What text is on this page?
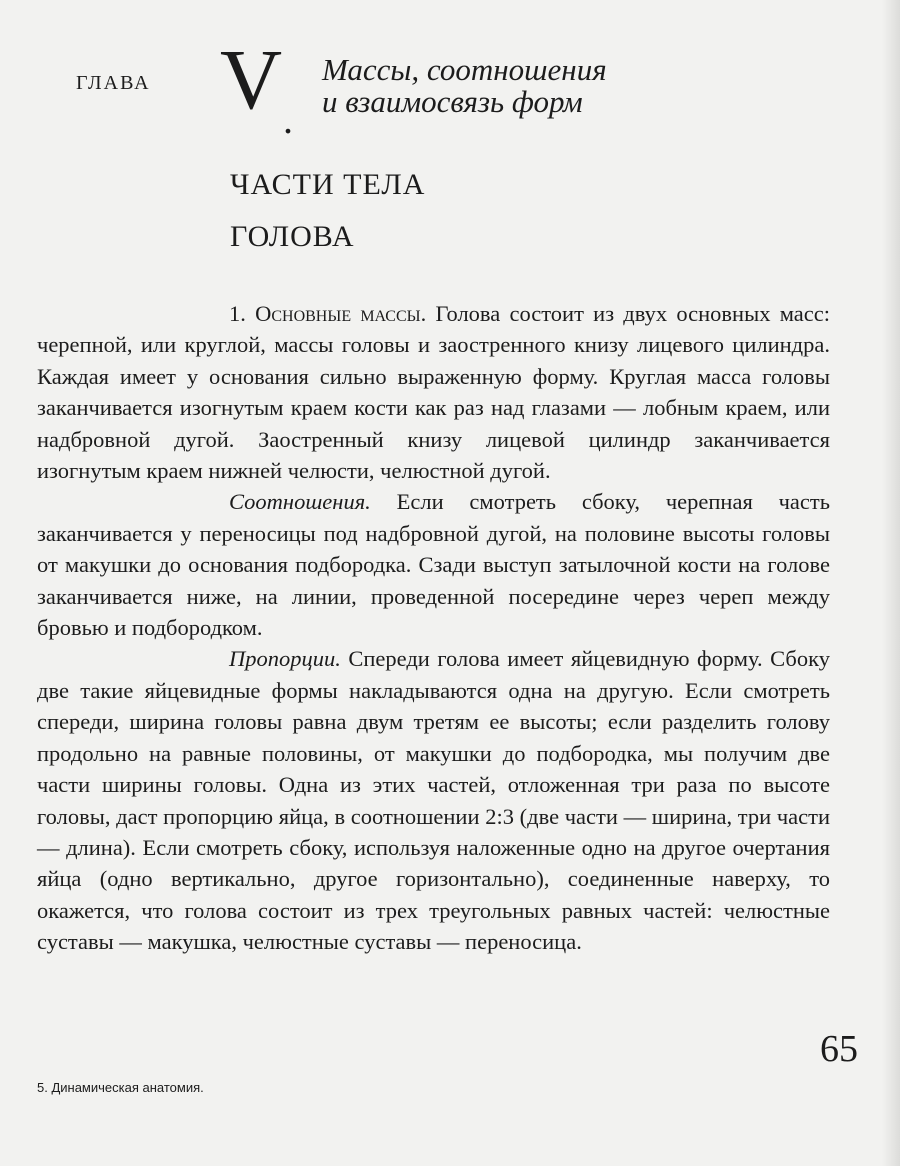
ГЛАВА V .
Массы, соотношения
и взаимосвязь форм
ЧАСТИ ТЕЛА
ГОЛОВА

1. Основные массы. Голова состоит из двух основных масс: черепной, или круглой, массы головы и заостренного книзу лицевого цилиндра. Каждая имеет у основания сильно выраженную форму. Круглая масса головы заканчивается изогнутым краем кости как раз над глазами — лобным краем, или надбровной дугой. Заостренный книзу лицевой цилиндр заканчивается изогнутым краем нижней челюсти, челюстной дугой.

Соотношения. Если смотреть сбоку, черепная часть заканчивается у переносицы под надбровной дугой, на половине высоты головы от макушки до основания подбородка. Сзади выступ затылочной кости на голове заканчивается ниже, на линии, проведенной посередине через череп между бровью и подбородком.

Пропорции. Спереди голова имеет яйцевидную форму. Сбоку две такие яйцевидные формы накладываются одна на другую. Если смотреть спереди, ширина головы равна двум третям ее высоты; если разделить голову продольно на равные половины, от макушки до подбородка, мы получим две части ширины головы. Одна из этих частей, отложенная три раза по высоте головы, даст пропорцию яйца, в соотношении 2:3 (две части — ширина, три части — длина). Если смотреть сбоку, используя наложенные одно на другое очертания яйца (одно вертикально, другое горизонтально), соединенные наверху, то окажется, что голова состоит из трех треугольных равных частей: челюстные суставы — макушка, челюстные суставы — переносица.

65
5. Динамическая анатомия.
